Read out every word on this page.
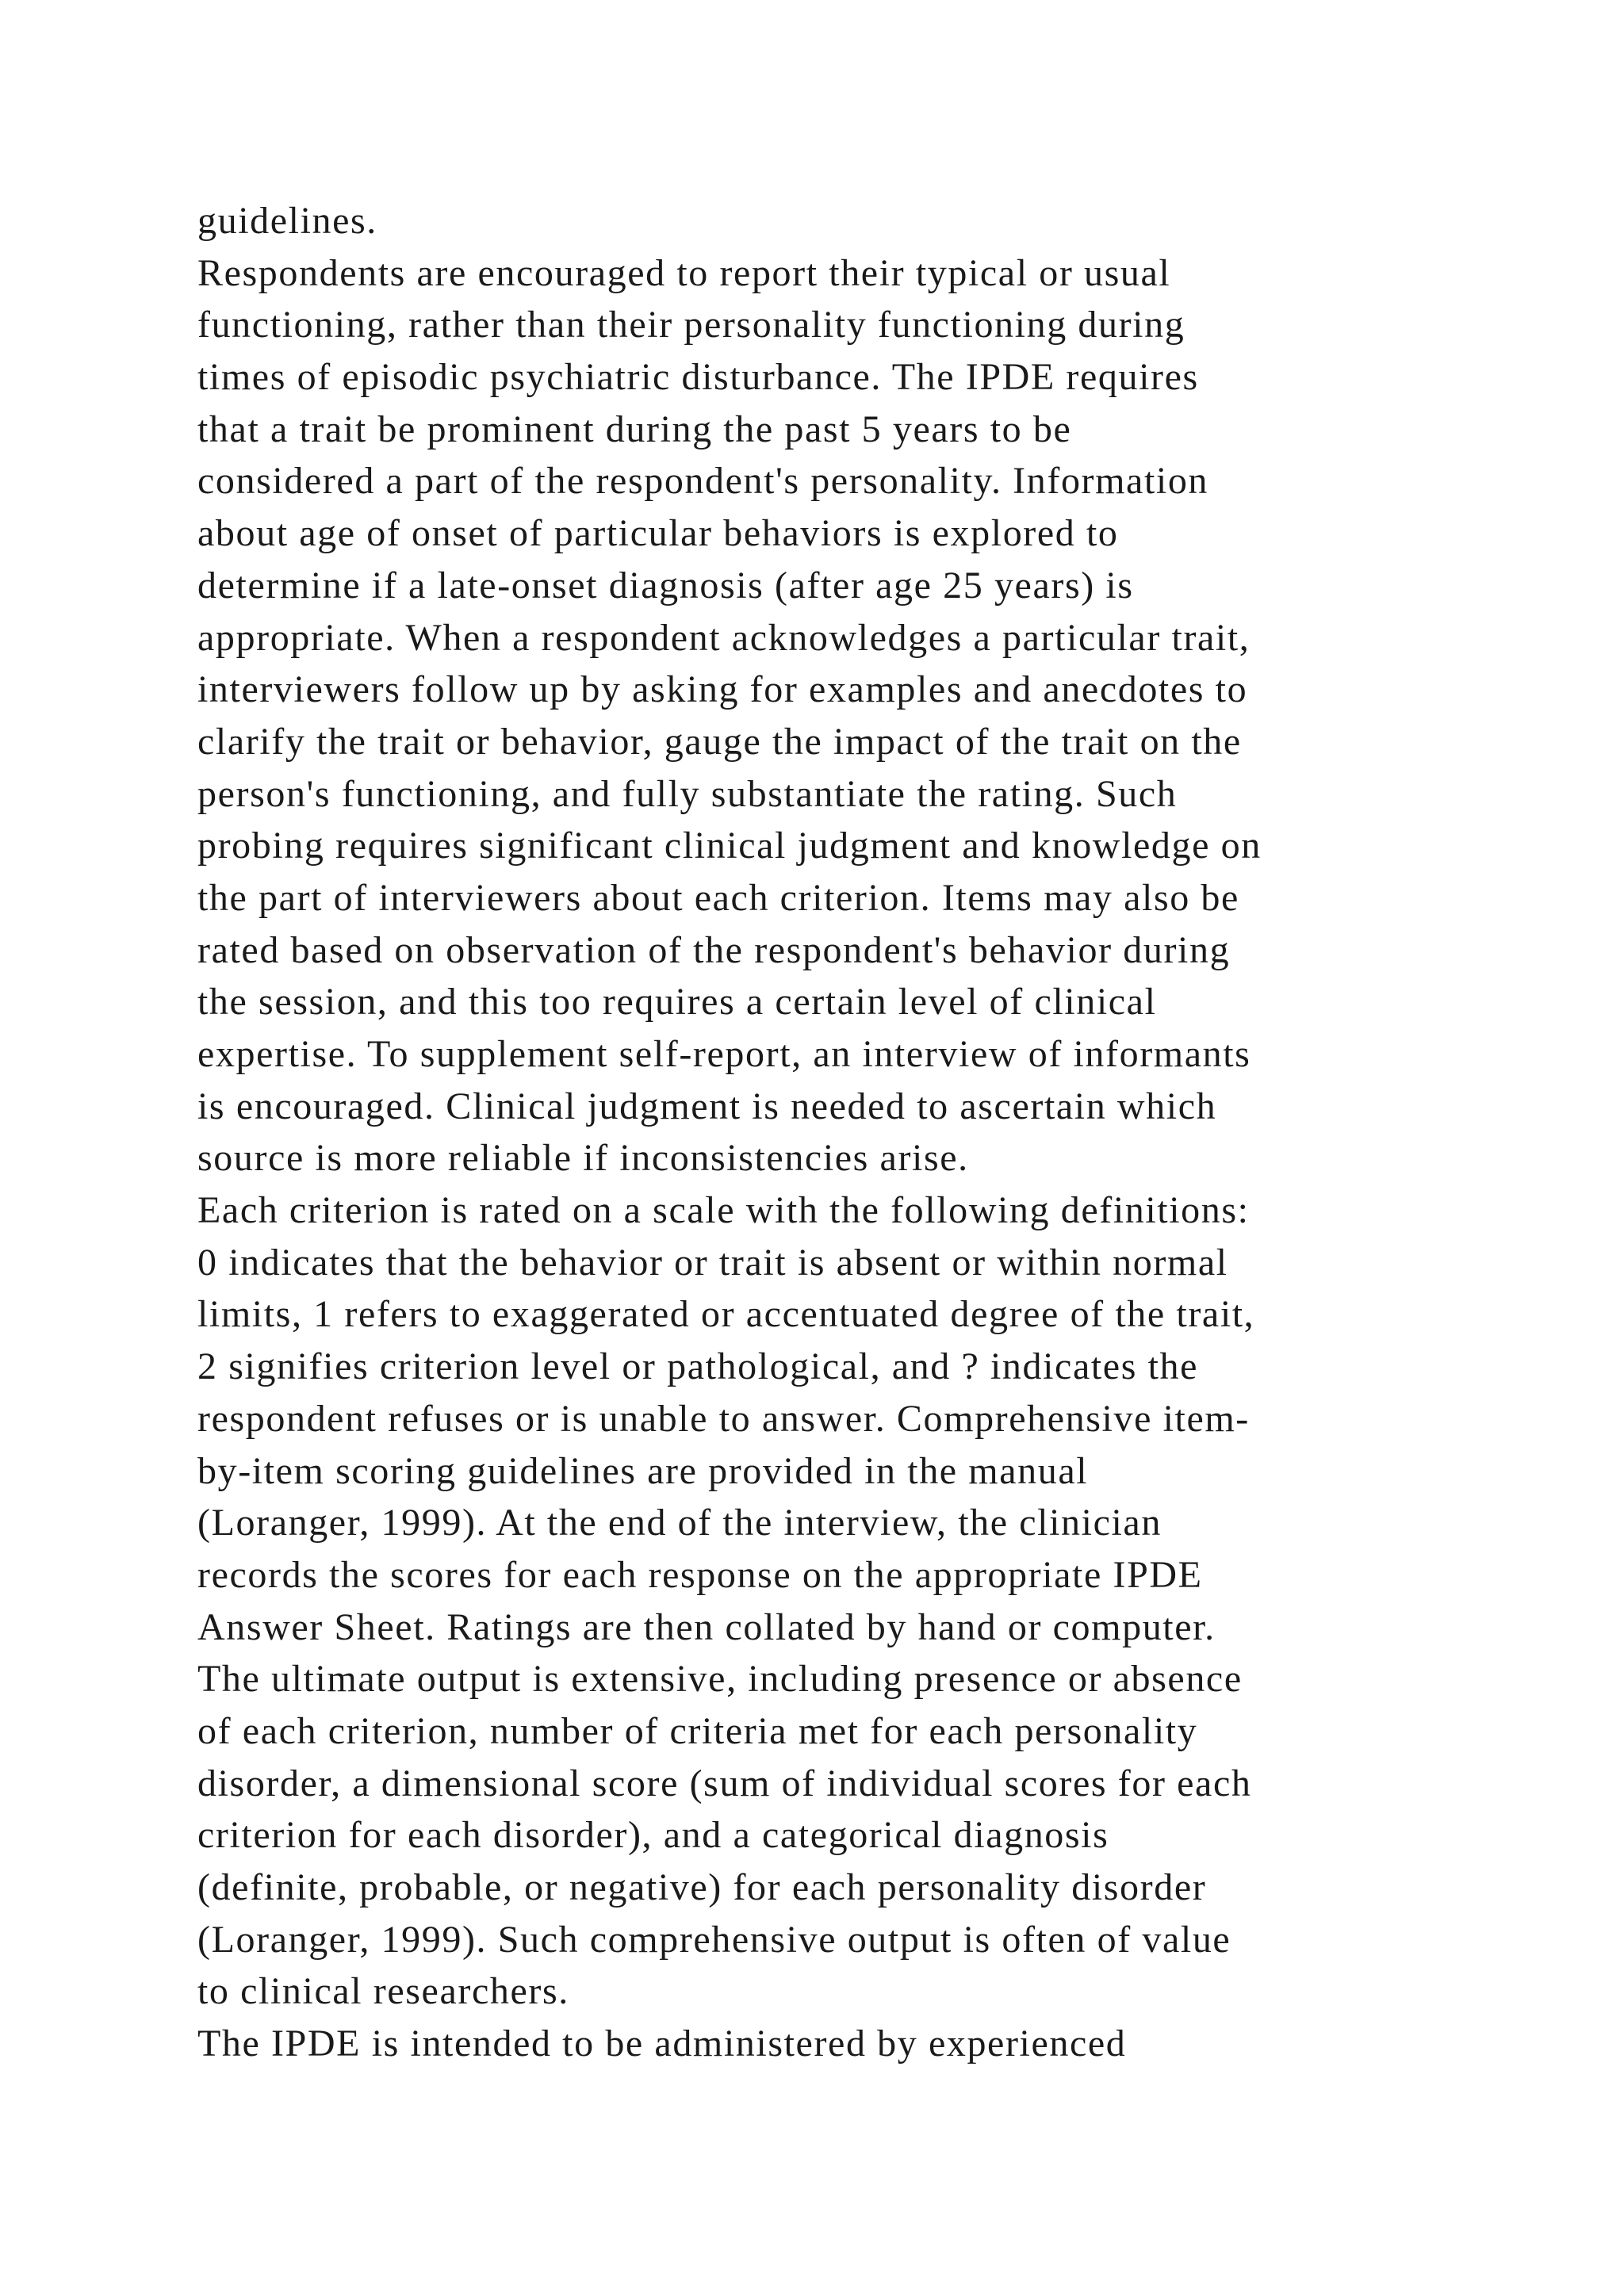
guidelines.
Respondents are encouraged to report their typical or usual
functioning, rather than their personality functioning during
times of episodic psychiatric disturbance. The IPDE requires
that a trait be prominent during the past 5 years to be
considered a part of the respondent's personality. Information
about age of onset of particular behaviors is explored to
determine if a late-onset diagnosis (after age 25 years) is
appropriate. When a respondent acknowledges a particular trait,
interviewers follow up by asking for examples and anecdotes to
clarify the trait or behavior, gauge the impact of the trait on the
person's functioning, and fully substantiate the rating. Such
probing requires significant clinical judgment and knowledge on
the part of interviewers about each criterion. Items may also be
rated based on observation of the respondent's behavior during
the session, and this too requires a certain level of clinical
expertise. To supplement self-report, an interview of informants
is encouraged. Clinical judgment is needed to ascertain which
source is more reliable if inconsistencies arise.
Each criterion is rated on a scale with the following definitions:
0 indicates that the behavior or trait is absent or within normal
limits, 1 refers to exaggerated or accentuated degree of the trait,
2 signifies criterion level or pathological, and ? indicates the
respondent refuses or is unable to answer. Comprehensive item-
by-item scoring guidelines are provided in the manual
(Loranger, 1999). At the end of the interview, the clinician
records the scores for each response on the appropriate IPDE
Answer Sheet. Ratings are then collated by hand or computer.
The ultimate output is extensive, including presence or absence
of each criterion, number of criteria met for each personality
disorder, a dimensional score (sum of individual scores for each
criterion for each disorder), and a categorical diagnosis
(definite, probable, or negative) for each personality disorder
(Loranger, 1999). Such comprehensive output is often of value
to clinical researchers.
The IPDE is intended to be administered by experienced
